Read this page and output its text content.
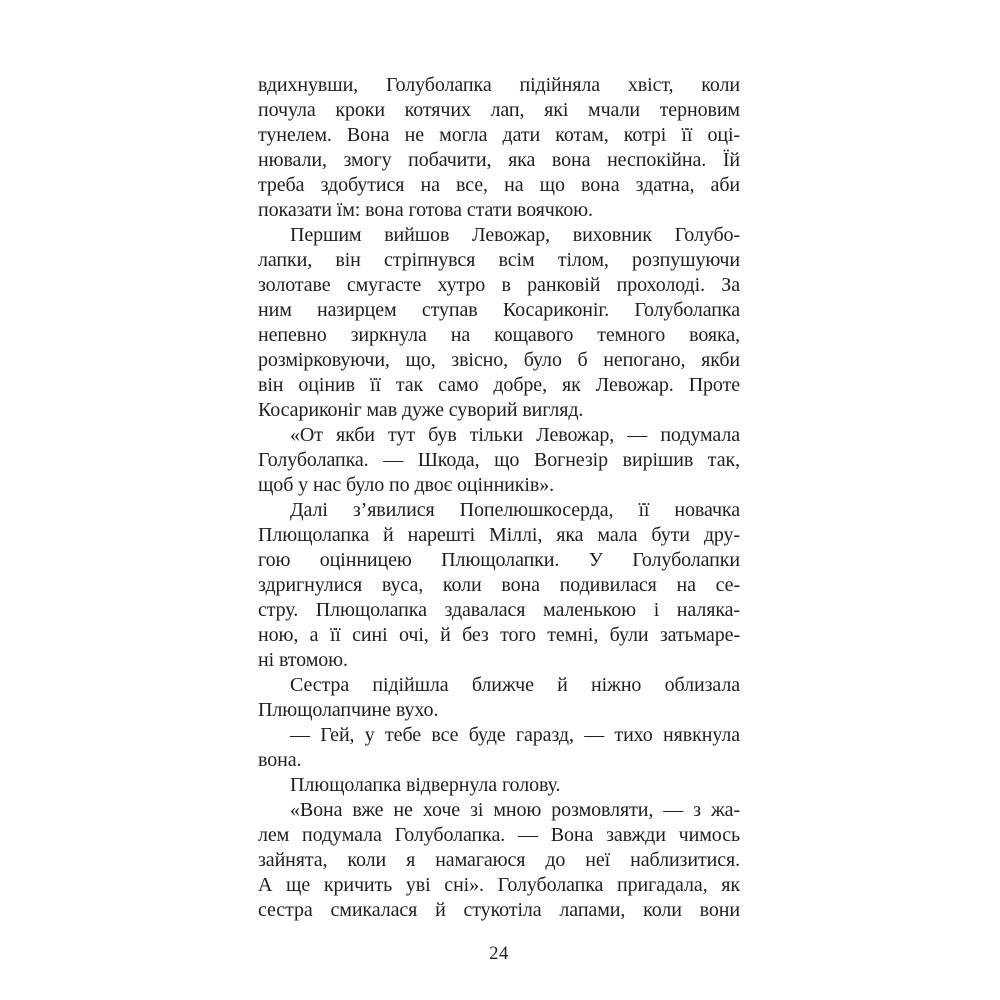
вдихнувши, Голуболапка підійняла хвіст, коли
почула кроки котячих лап, які мчали терновим
тунелем. Вона не могла дати котам, котрі її оці-
нювали, змогу побачити, яка вона неспокійна. Їй
треба здобутися на все, на що вона здатна, аби
показати їм: вона готова стати воячкою.
Першим вийшов Левожар, виховник Голубо-
лапки, він стріпнувся всім тілом, розпушуючи
золотаве смугасте хутро в ранковій прохолоді. За
ним назирцем ступав Косариконіг. Голуболапка
непевно зиркнула на кощавого темного вояка,
розмірковуючи, що, звісно, було б непогано, якби
він оцінив її так само добре, як Левожар. Проте
Косариконіг мав дуже суворий вигляд.
«От якби тут був тільки Левожар, — подумала
Голуболапка. — Шкода, що Вогнезір вирішив так,
щоб у нас було по двоє оцінників».
Далі з’явилися Попелюшкосерда, її новачка
Плющолапка й нарешті Міллі, яка мала бути дру-
гою оцінницею Плющолапки. У Голуболапки
здригнулися вуса, коли вона подивилася на се-
стру. Плющолапка здавалася маленькою і наляка-
ною, а її сині очі, й без того темні, були затьмаре-
ні втомою.
Сестра підійшла ближче й ніжно облизала
Плющолапчине вухо.
— Гей, у тебе все буде гаразд, — тихо нявкнула
вона.
Плющолапка відвернула голову.
«Вона вже не хоче зі мною розмовляти, — з жа-
лем подумала Голуболапка. — Вона завжди чимось
зайнята, коли я намагаюся до неї наблизитися.
А ще кричить уві сні». Голуболапка пригадала, як
сестра смикалася й стукотіла лапами, коли вони
24
